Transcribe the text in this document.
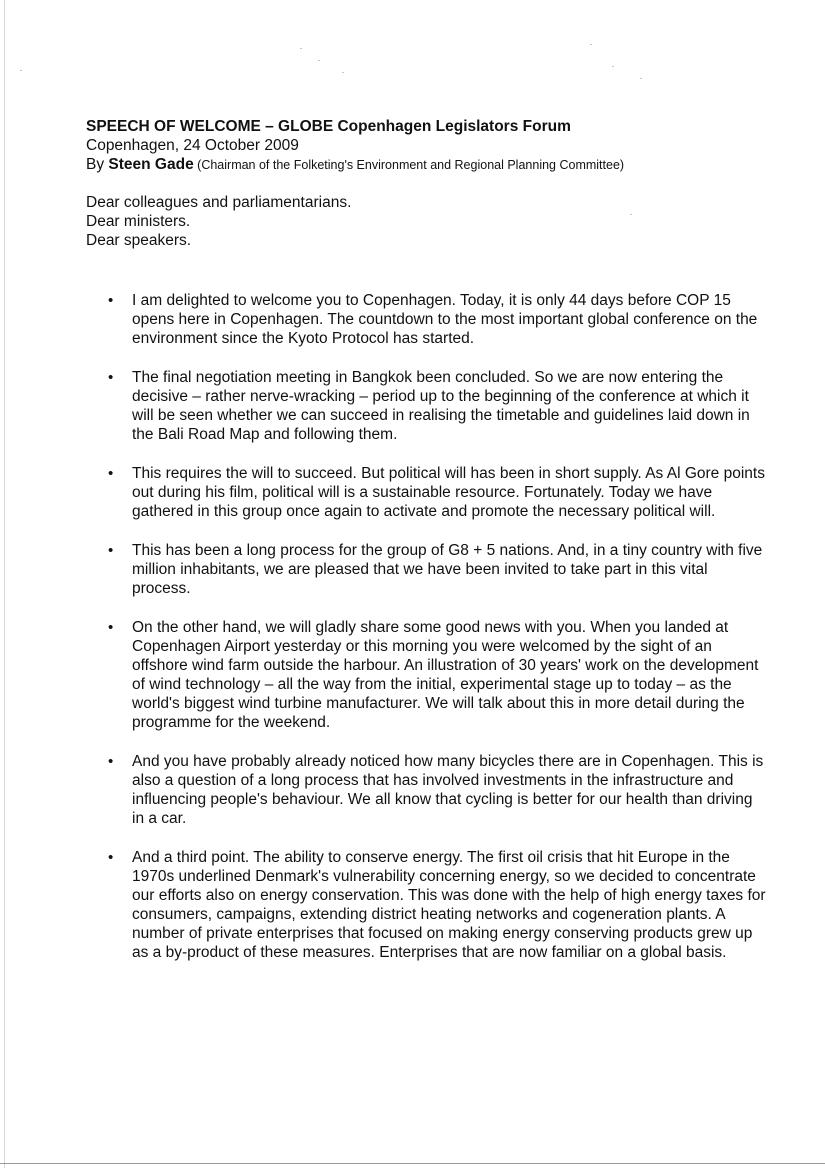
SPEECH OF WELCOME – GLOBE Copenhagen Legislators Forum
Copenhagen, 24 October 2009
By Steen Gade (Chairman of the Folketing's Environment and Regional Planning Committee)
Dear colleagues and parliamentarians.
Dear ministers.
Dear speakers.
• I am delighted to welcome you to Copenhagen. Today, it is only 44 days before COP 15 opens here in Copenhagen. The countdown to the most important global conference on the environment since the Kyoto Protocol has started.
• The final negotiation meeting in Bangkok been concluded. So we are now entering the decisive – rather nerve-wracking – period up to the beginning of the conference at which it will be seen whether we can succeed in realising the timetable and guidelines laid down in the Bali Road Map and following them.
• This requires the will to succeed. But political will has been in short supply. As Al Gore points out during his film, political will is a sustainable resource. Fortunately. Today we have gathered in this group once again to activate and promote the necessary political will.
• This has been a long process for the group of G8 + 5 nations. And, in a tiny country with five million inhabitants, we are pleased that we have been invited to take part in this vital process.
• On the other hand, we will gladly share some good news with you. When you landed at Copenhagen Airport yesterday or this morning you were welcomed by the sight of an offshore wind farm outside the harbour. An illustration of 30 years' work on the development of wind technology – all the way from the initial, experimental stage up to today – as the world's biggest wind turbine manufacturer. We will talk about this in more detail during the programme for the weekend.
• And you have probably already noticed how many bicycles there are in Copenhagen. This is also a question of a long process that has involved investments in the infrastructure and influencing people's behaviour. We all know that cycling is better for our health than driving in a car.
• And a third point. The ability to conserve energy. The first oil crisis that hit Europe in the 1970s underlined Denmark's vulnerability concerning energy, so we decided to concentrate our efforts also on energy conservation. This was done with the help of high energy taxes for consumers, campaigns, extending district heating networks and cogeneration plants. A number of private enterprises that focused on making energy conserving products grew up as a by-product of these measures. Enterprises that are now familiar on a global basis.
